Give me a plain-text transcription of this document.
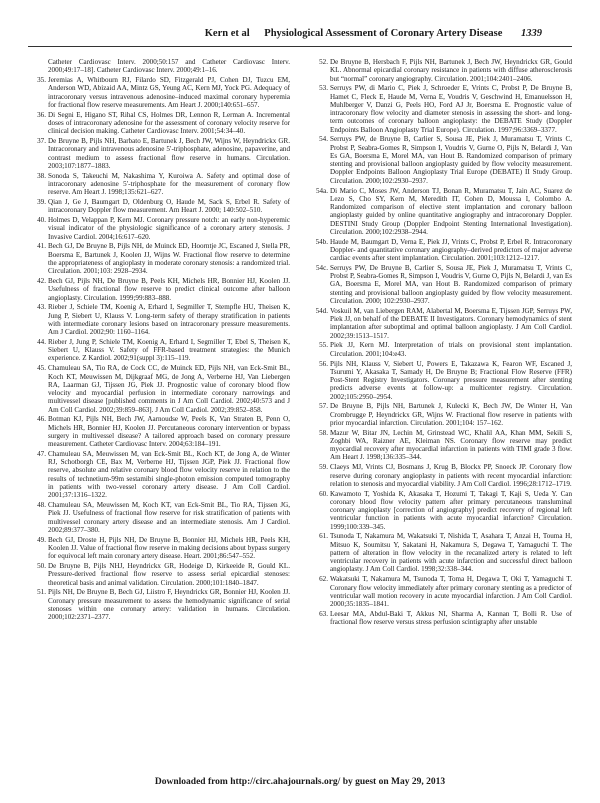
Kern et al Physiological Assessment of Coronary Artery Disease 1339
Catheter Cardiovasc Interv. 2000;50:157 and Catheter Cardiovasc Interv. 2000;49:17–18]. Catheter Cardiovasc Interv. 2000;49:1–16.
35. Jeremias A, Whitbourn RJ, Filardo SD, Fitzgerald PJ, Cohen DJ, Tuzcu EM, Anderson WD, Abizaid AA, Mintz GS, Yeung AC, Kern MJ, Yock PG. Adequacy of intracoronary versus intravenous adenosine–induced maximal coronary hyperemia for fractional flow reserve measurements. Am Heart J. 2000;140:651–657.
36. Di Segni E, Higano ST, Rihal CS, Holmes DR, Lennon R, Lerman A. Incremental doses of intracoronary adenosine for the assessment of coronary velocity reserve for clinical decision making. Catheter Cardiovasc Interv. 2001;54:34–40.
37. De Bruyne B, Pijls NH, Barbato E, Bartunek J, Bech JW, Wijns W, Heyndrickx GR. Intracoronary and intravenous adenosine 5′-triphosphate, adenosine, papaverine, and contrast medium to assess fractional flow reserve in humans. Circulation. 2003;107:1877–1883.
38. Sonoda S, Takeuchi M, Nakashima Y, Kuroiwa A. Safety and optimal dose of intracoronary adenosine 5′-triphosphate for the measurement of coronary flow reserve. Am Heart J. 1998;135:621–627.
39. Qian J, Ge J, Baumgart D, Oldenburg O, Haude M, Sack S, Erbel R. Safety of intracoronary Doppler flow measurement. Am Heart J. 2000; 140:502–510.
40. Holmes D, Velappan P, Kern MJ. Coronary pressure notch: an early non-hyperemic visual indicator of the physiologic significance of a coronary artery stenosis. J Invasive Cardiol. 2004;16:617–620.
41. Bech GJ, De Bruyne B, Pijls NH, de Muinck ED, Hoorntje JC, Escaned J, Stella PR, Boersma E, Bartunek J, Koolen JJ, Wijns W. Fractional flow reserve to determine the appropriateness of angioplasty in moderate coronary stenosis: a randomized trial. Circulation. 2001;103: 2928–2934.
42. Bech GJ, Pijls NH, De Bruyne B, Peels KH, Michels HR, Bonnier HJ, Koolen JJ. Usefulness of fractional flow reserve to predict clinical outcome after balloon angioplasty. Circulation. 1999;99:883–888.
43. Rieber J, Schiele TM, Koenig A, Erhard I, Segmiller T, Stempfle HU, Theisen K, Jung P, Siebert U, Klauss V. Long-term safety of therapy stratification in patients with intermediate coronary lesions based on intracoronary pressure measurements. Am J Cardiol. 2002;90: 1160–1164.
44. Rieber J, Jung P, Schiele TM, Koenig A, Erhard I, Segmiller T, Ebel S, Theisen K, Siebert U, Klauss V. Safety of FFR-based treatment strategies: the Munich experience. Z Kardiol. 2002;91(suppl 3):115–119.
45. Chamuleau SA, Tio RA, de Cock CC, de Muinck ED, Pijls NH, van Eck-Smit BL, Koch KT, Meuwissen M, Dijkgraaf MG, de Jong A, Verberne HJ, Van Liebergen RA, Laarman GJ, Tijssen JG, Piek JJ. Prognostic value of coronary blood flow velocity and myocardial perfusion in intermediate coronary narrowings and multivessel disease [published comments in J Am Coll Cardiol. 2002;40:573 and J Am Coll Cardiol. 2002;39:859–863]. J Am Coll Cardiol. 2002;39:852–858.
46. Botman KJ, Pijls NH, Bech JW, Aarnoudse W, Peels K, Van Straten B, Penn O, Michels HR, Bonnier HJ, Koolen JJ. Percutaneous coronary intervention or bypass surgery in multivessel disease? A tailored approach based on coronary pressure measurement. Catheter Cardiovasc Interv. 2004;63:184–191.
47. Chamuleau SA, Meuwissen M, van Eck-Smit BL, Koch KT, de Jong A, de Winter RJ, Schotborgh CE, Bax M, Verberne HJ, Tijssen JGP, Piek JJ. Fractional flow reserve, absolute and relative coronary blood flow velocity reserve in relation to the results of technetium-99m sestamibi single-photon emission computed tomography in patients with two-vessel coronary artery disease. J Am Coll Cardiol. 2001;37:1316–1322.
48. Chamuleau SA, Meuwissen M, Koch KT, van Eck-Smit BL, Tio RA, Tijssen JG, Piek JJ. Usefulness of fractional flow reserve for risk stratification of patients with multivessel coronary artery disease and an intermediate stenosis. Am J Cardiol. 2002;89:377–380.
49. Bech GJ, Droste H, Pijls NH, De Bruyne B, Bonnier HJ, Michels HR, Peels KH, Koolen JJ. Value of fractional flow reserve in making decisions about bypass surgery for equivocal left main coronary artery disease. Heart. 2001;86:547–552.
50. De Bruyne B, Pijls NHJ, Heyndrickx GR, Hodeige D, Kirkeeide R, Gould KL. Pressure-derived fractional flow reserve to assess serial epicardial stenoses: theoretical basis and animal validation. Circulation. 2000;101:1840–1847.
51. Pijls NH, De Bruyne B, Bech GJ, Liistro F, Heyndrickx GR, Bonnier HJ, Koolen JJ. Coronary pressure measurement to assess the hemodynamic significance of serial stenoses within one coronary artery: validation in humans. Circulation. 2000;102:2371–2377.
52. De Bruyne B, Hersbach F, Pijls NH, Bartunek J, Bech JW, Heyndrickx GR, Gould KL. Abnormal epicardial coronary resistance in patients with diffuse atherosclerosis but “normal” coronary angiography. Circulation. 2001;104:2401–2406.
53. Serruys PW, di Mario C, Piek J, Schroeder E, Vrints C, Probst P, De Bruyne B, Hamet C, Fleck E, Haude M, Verna E, Voudris V, Geschwind H, Emanuelsson H, Muhlberger V, Danzi G, Peels HO, Ford AJ Jr, Boersma E. Prognostic value of intracoronary flow velocity and diameter stenosis in assessing the short- and long-term outcomes of coronary balloon angioplasty: the DEBATE Study (Doppler Endpoints Balloon Angioplasty Trial Europe). Circulation. 1997;96:3369–3377.
54. Serruys PW, de Bruyne B, Carlier S, Sousa JE, Piek J, Muramatsu T, Vrints C, Probst P, Seabra-Gomes R, Simpson I, Voudris V, Gurne O, Pijls N, Belardi J, Van Es GA, Boersma E, Morel MA, van Hout B. Randomized comparison of primary stenting and provisional balloon angioplasty guided by flow velocity measurement. Doppler Endpoints Balloon Angioplasty Trial Europe (DEBATE) II Study Group. Circulation. 2000;102:2930–2937.
54a. Di Mario C, Moses JW, Anderson TJ, Bonan R, Muramatsu T, Jain AC, Suarez de Lezo S, Cho SY, Kern M, Meredith IT, Cohen D, Moussa I, Colombo A. Randomized comparison of elective stent implantation and coronary balloon angioplasty guided by online quantitative angiography and intracoronary Doppler. DESTINI Study Group (Doppler Endpoint Stenting International Investigation). Circulation. 2000;102:2938–2944.
54b. Haude M, Baumgart D, Verna E, Piek JJ, Vrints C, Probst P, Erbel R. Intracoronary Doppler- and quantitative coronary angiography–derived predictors of major adverse cardiac events after stent implantation. Circulation. 2001;103:1212–1217.
54c. Serruys PW, De Bruyne B, Carlier S, Sousa JE, Piek J, Muramatsu T, Vrints C, Probst P, Seabra-Gomes R, Simpson I, Voudris V, Gurne O, Pijls N, Belardi J, van Es GA, Boersma E, Morel MA, van Hout B. Randomized comparison of primary stenting and provisional balloon angioplasty guided by flow velocity measurement. Circulation. 2000; 102:2930–2937.
54d. Voskuil M, van Liebergen RAM, Alabertal M, Boersma E, Tijssen JGP, Serruys PW, Piek JJ, on behalf of the DEBATE II Investigators. Coronary hemodynamics of stent implantation after suboptimal and optimal balloon angioplasty. J Am Coll Cardiol. 2002;39:1513–1517.
55. Piek JJ, Kern MJ. Interpretation of trials on provisional stent implantation. Circulation. 2001;104:e43.
56. Pijls NH, Klauss V, Siebert U, Powers E, Takazawa K, Fearon WF, Escaned J, Tsurumi Y, Akasaka T, Samady H, De Bruyne B; Fractional Flow Reserve (FFR) Post-Stent Registry Investigators. Coronary pressure measurement after stenting predicts adverse events at follow-up: a multicenter registry. Circulation. 2002;105:2950–2954.
57. De Bruyne B, Pijls NH, Bartunek J, Kulecki K, Bech JW, De Winter H, Van Crombrugge P, Heyndrickx GR, Wijns W. Fractional flow reserve in patients with prior myocardial infarction. Circulation. 2001;104: 157–162.
58. Mazur W, Bitar JN, Lechin M, Grinstead WC, Khalil AA, Khan MM, Sekili S, Zoghbi WA, Raizner AE, Kleiman NS. Coronary flow reserve may predict myocardial recovery after myocardial infarction in patients with TIMI grade 3 flow. Am Heart J. 1998;136:335–344.
59. Claeys MJ, Vrints CJ, Bosmans J, Krug B, Blockx PP, Snoeck JP. Coronary flow reserve during coronary angioplasty in patients with recent myocardial infarction: relation to stenosis and myocardial viability. J Am Coll Cardiol. 1996;28:1712–1719.
60. Kawamoto T, Yoshida K, Akasaka T, Hozumi T, Takagi T, Kaji S, Ueda Y. Can coronary blood flow velocity pattern after primary percutaneous transluminal coronary angioplasty [correction of angiography] predict recovery of regional left ventricular function in patients with acute myocardial infarction? Circulation. 1999;100:339–345.
61. Tsunoda T, Nakamura M, Wakatsuki T, Nishida T, Asahara T, Anzai H, Touma H, Mitsuo K, Soumitsu Y, Sakatani H, Nakamura S, Degawa T, Yamaguchi T. The pattern of alteration in flow velocity in the recanalized artery is related to left ventricular recovery in patients with acute infarction and successful direct balloon angioplasty. J Am Coll Cardiol. 1998;32:338–344.
62. Wakatsuki T, Nakamura M, Tsunoda T, Toma H, Degawa T, Oki T, Yamaguchi T. Coronary flow velocity immediately after primary coronary stenting as a predictor of ventricular wall motion recovery in acute myocardial infarction. J Am Coll Cardiol. 2000;35:1835–1841.
63. Leesar MA, Abdul-Baki T, Akkus NI, Sharma A, Kannan T, Bolli R. Use of fractional flow reserve versus stress perfusion scintigraphy after unstable
Downloaded from http://circ.ahajournals.org/ by guest on May 29, 2013
